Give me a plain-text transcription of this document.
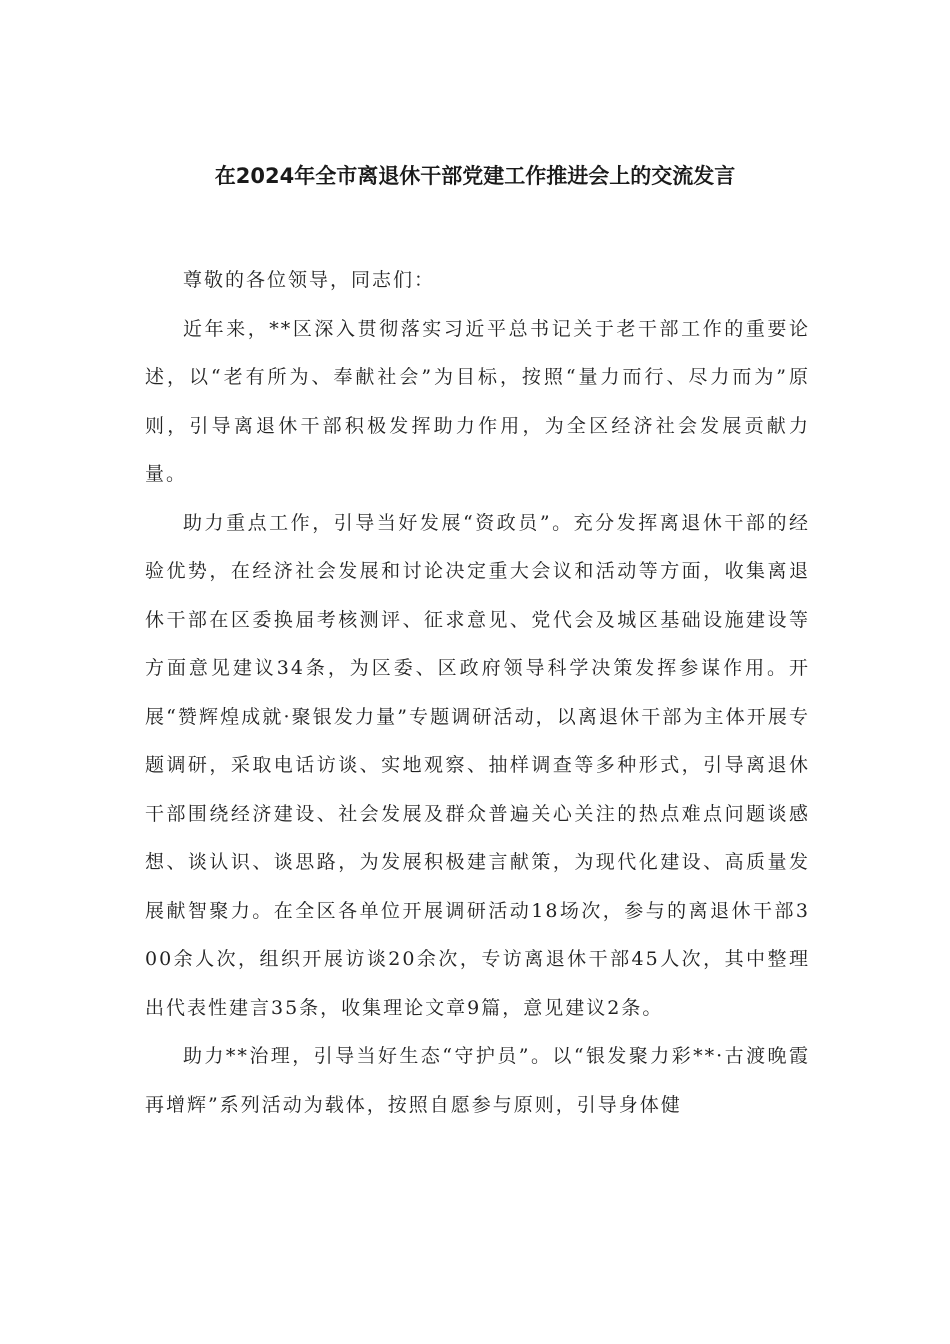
在2024年全市离退休干部党建工作推进会上的交流发言

尊敬的各位领导，同志们：

近年来，**区深入贯彻落实习近平总书记关于老干部工作的重要论述，以“老有所为、奉献社会”为目标，按照“量力而行、尽力而为”原则，引导离退休干部积极发挥助力作用，为全区经济社会发展贡献力量。

助力重点工作，引导当好发展“资政员”。充分发挥离退休干部的经验优势，在经济社会发展和讨论决定重大会议和活动等方面，收集离退休干部在区委换届考核测评、征求意见、党代会及城区基础设施建设等方面意见建议34条，为区委、区政府领导科学决策发挥参谋作用。开展“赞辉煌成就·聚银发力量”专题调研活动，以离退休干部为主体开展专题调研，采取电话访谈、实地观察、抽样调查等多种形式，引导离退休干部围绕经济建设、社会发展及群众普遍关心关注的热点难点问题谈感想、谈认识、谈思路，为发展积极建言献策，为现代化建设、高质量发展献智聚力。在全区各单位开展调研活动18场次，参与的离退休干部300余人次，组织开展访谈20余次，专访离退休干部45人次，其中整理出代表性建言35条，收集理论文章9篇，意见建议2条。

助力**治理，引导当好生态“守护员”。以“银发聚力彩**·古渡晚霞再增辉”系列活动为载体，按照自愿参与原则，引导身体健
